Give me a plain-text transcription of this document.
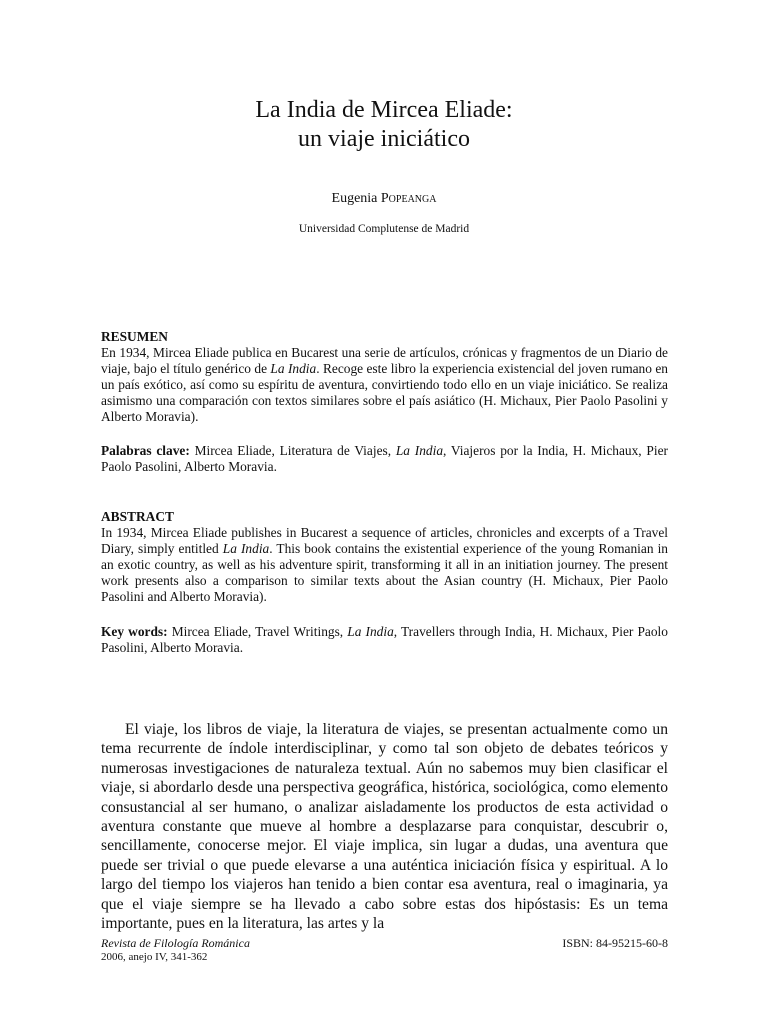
La India de Mircea Eliade:
un viaje iniciático
Eugenia Popeanga
Universidad Complutense de Madrid
RESUMEN
En 1934, Mircea Eliade publica en Bucarest una serie de artículos, crónicas y fragmentos de un Diario de viaje, bajo el título genérico de La India. Recoge este libro la experiencia existencial del joven rumano en un país exótico, así como su espíritu de aventura, convirtiendo todo ello en un viaje iniciático. Se realiza asimismo una comparación con textos similares sobre el país asiático (H. Michaux, Pier Paolo Pasolini y Alberto Moravia).
Palabras clave: Mircea Eliade, Literatura de Viajes, La India, Viajeros por la India, H. Michaux, Pier Paolo Pasolini, Alberto Moravia.
ABSTRACT
In 1934, Mircea Eliade publishes in Bucarest a sequence of articles, chronicles and excerpts of a Travel Diary, simply entitled La India. This book contains the existential experience of the young Romanian in an exotic country, as well as his adventure spirit, transforming it all in an initiation journey. The present work presents also a comparison to similar texts about the Asian country (H. Michaux, Pier Paolo Pasolini and Alberto Moravia).
Key words: Mircea Eliade, Travel Writings, La India, Travellers through India, H. Michaux, Pier Paolo Pasolini, Alberto Moravia.
El viaje, los libros de viaje, la literatura de viajes, se presentan actualmente como un tema recurrente de índole interdisciplinar, y como tal son objeto de debates teóricos y numerosas investigaciones de naturaleza textual. Aún no sabemos muy bien clasificar el viaje, si abordarlo desde una perspectiva geográfica, histórica, sociológica, como elemento consustancial al ser humano, o analizar aisladamente los productos de esta actividad o aventura constante que mueve al hombre a desplazarse para conquistar, descubrir o, sencillamente, conocerse mejor. El viaje implica, sin lugar a dudas, una aventura que puede ser trivial o que puede elevarse a una auténtica iniciación física y espiritual. A lo largo del tiempo los viajeros han tenido a bien contar esa aventura, real o imaginaria, ya que el viaje siempre se ha llevado a cabo sobre estas dos hipóstasis: Es un tema importante, pues en la literatura, las artes y la
Revista de Filología Románica
2006, anejo IV, 341-362
ISBN: 84-95215-60-8
